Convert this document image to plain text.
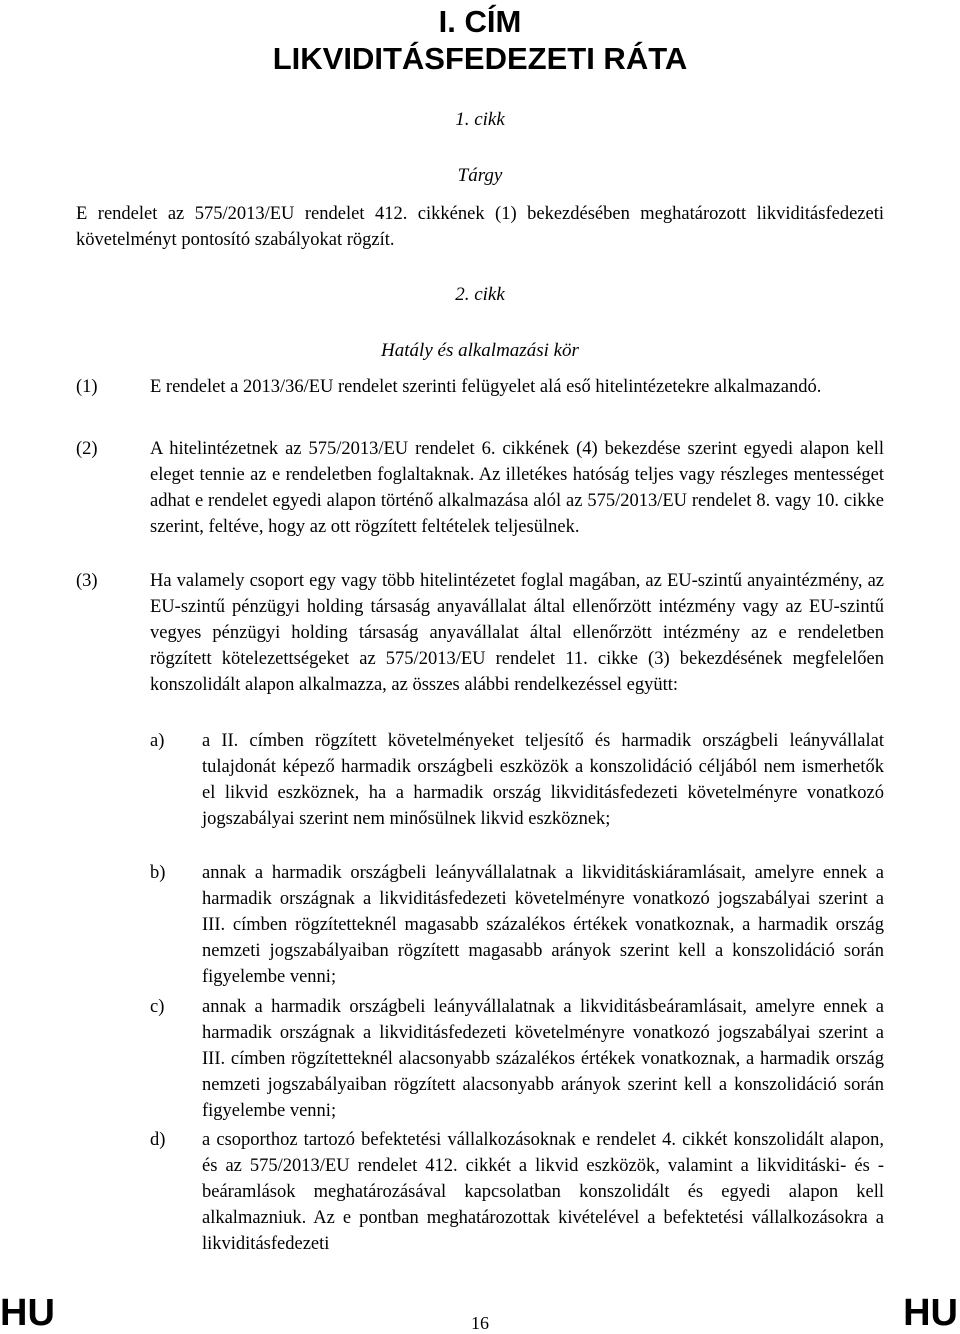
I. CÍM
LIKVIDITÁSFEDEZETI RÁTA
1. cikk
Tárgy
E rendelet az 575/2013/EU rendelet 412. cikkének (1) bekezdésében meghatározott likviditásfedezeti követelményt pontosító szabályokat rögzít.
2. cikk
Hatály és alkalmazási kör
(1)	E rendelet a 2013/36/EU rendelet szerinti felügyelet alá eső hitelintézetekre alkalmazandó.
(2)	A hitelintézetnek az 575/2013/EU rendelet 6. cikkének (4) bekezdése szerint egyedi alapon kell eleget tennie az e rendeletben foglaltaknak. Az illetékes hatóság teljes vagy részleges mentességet adhat e rendelet egyedi alapon történő alkalmazása alól az 575/2013/EU rendelet 8. vagy 10. cikke szerint, feltéve, hogy az ott rögzített feltételek teljesülnek.
(3)	Ha valamely csoport egy vagy több hitelintézetet foglal magában, az EU-szintű anyaintézmény, az EU-szintű pénzügyi holding társaság anyavállalat által ellenőrzött intézmény vagy az EU-szintű vegyes pénzügyi holding társaság anyavállalat által ellenőrzött intézmény az e rendeletben rögzített kötelezettségeket az 575/2013/EU rendelet 11. cikke (3) bekezdésének megfelelően konszolidált alapon alkalmazza, az összes alábbi rendelkezéssel együtt:
a) a II. címben rögzített követelményeket teljesítő és harmadik országbeli leányvállalat tulajdonát képező harmadik országbeli eszközök a konszolidáció céljából nem ismerhetők el likvid eszköznek, ha a harmadik ország likviditásfedezeti követelményre vonatkozó jogszabályai szerint nem minősülnek likvid eszköznek;
b) annak a harmadik országbeli leányvállalatnak a likviditáskiáramlásait, amelyre ennek a harmadik országnak a likviditásfedezeti követelményre vonatkozó jogszabályai szerint a III. címben rögzítetteknél magasabb százalékos értékek vonatkoznak, a harmadik ország nemzeti jogszabályaiban rögzített magasabb arányok szerint kell a konszolidáció során figyelembe venni;
c) annak a harmadik országbeli leányvállalatnak a likviditásbeáramlásait, amelyre ennek a harmadik országnak a likviditásfedezeti követelményre vonatkozó jogszabályai szerint a III. címben rögzítetteknél alacsonyabb százalékos értékek vonatkoznak, a harmadik ország nemzeti jogszabályaiban rögzített alacsonyabb arányok szerint kell a konszolidáció során figyelembe venni;
d) a csoporthoz tartozó befektetési vállalkozásoknak e rendelet 4. cikkét konszolidált alapon, és az 575/2013/EU rendelet 412. cikkét a likvid eszközök, valamint a likviditáski- és -beáramlások meghatározásával kapcsolatban konszolidált és egyedi alapon kell alkalmazniuk. Az e pontban meghatározottak kivételével a befektetési vállalkozásokra a likviditásfedezeti
HU	16	HU
